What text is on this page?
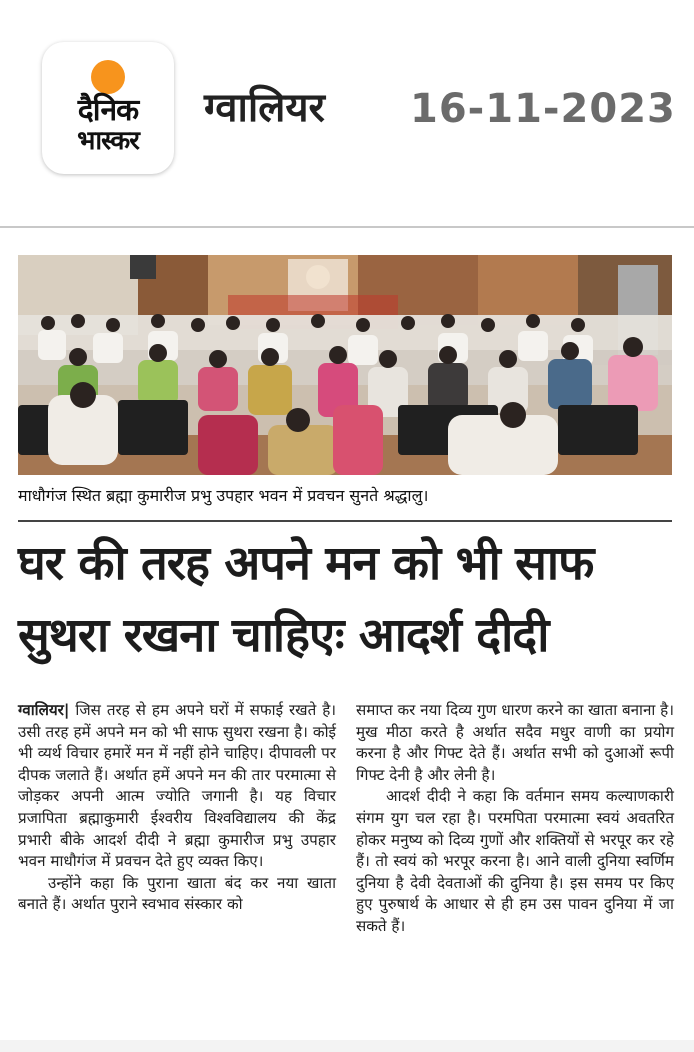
दैनिक
भास्कर
ग्वालियर 16-11-2023
माधौगंज स्थित ब्रह्मा कुमारीज प्रभु उपहार भवन में प्रवचन सुनते श्रद्धालु।
घर की तरह अपने मन को भी साफ सुथरा रखना चाहिएः आदर्श दीदी

ग्वालियर| जिस तरह से हम अपने घरों में सफाई रखते है। उसी तरह हमें अपने मन को भी साफ सुथरा रखना है। कोई भी व्यर्थ विचार हमारें मन में नहीं होने चाहिए। दीपावली पर दीपक जलाते हैं। अर्थात हमें अपने मन की तार परमात्मा से जोड़कर अपनी आत्म ज्योति जगानी है। यह विचार प्रजापिता ब्रह्माकुमारी ईश्वरीय विश्वविद्यालय की केंद्र प्रभारी बीके आदर्श दीदी ने ब्रह्मा कुमारीज प्रभु उपहार भवन माधौगंज में प्रवचन देते हुए व्यक्त किए।

उन्होंने कहा कि पुराना खाता बंद कर नया खाता बनाते हैं। अर्थात पुराने स्वभाव संस्कार को

समाप्त कर नया दिव्य गुण धारण करने का खाता बनाना है। मुख मीठा करते है अर्थात सदैव मधुर वाणी का प्रयोग करना है और गिफ्ट देते हैं। अर्थात सभी को दुआओं रूपी गिफ्ट देनी है और लेनी है।

आदर्श दीदी ने कहा कि वर्तमान समय कल्याणकारी संगम युग चल रहा है। परमपिता परमात्मा स्वयं अवतरित होकर मनुष्य को दिव्य गुणों और शक्तियों से भरपूर कर रहे हैं। तो स्वयं को भरपूर करना है। आने वाली दुनिया स्वर्णिम दुनिया है देवी देवताओं की दुनिया है। इस समय पर किए हुए पुरुषार्थ के आधार से ही हम उस पावन दुनिया में जा सकते हैं।
